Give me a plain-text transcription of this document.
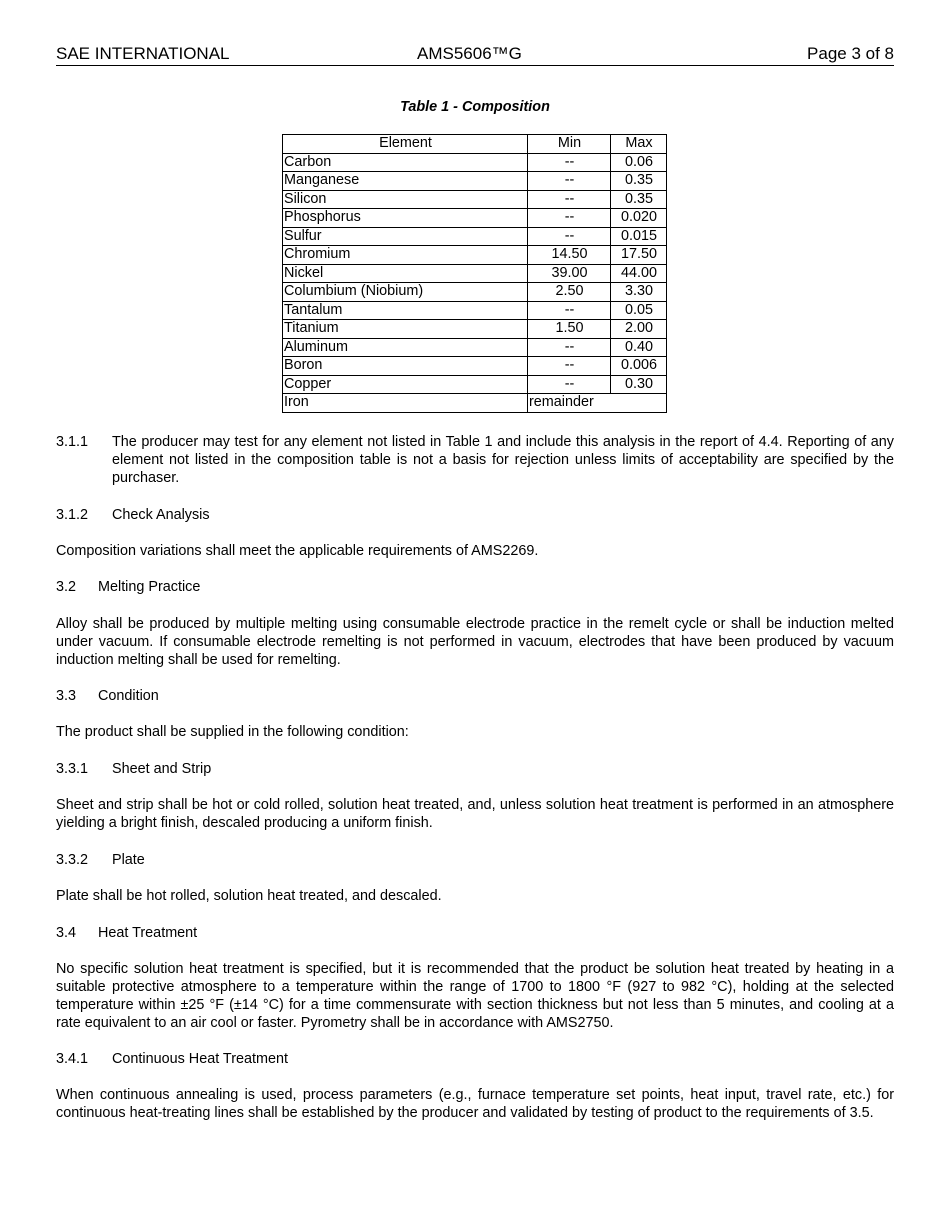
SAE INTERNATIONAL	AMS5606™G	Page 3 of 8
Table 1 - Composition
Element	Min	Max
Carbon	--	0.06
Manganese	--	0.35
Silicon	--	0.35
Phosphorus	--	0.020
Sulfur	--	0.015
Chromium	14.50	17.50
Nickel	39.00	44.00
Columbium (Niobium)	2.50	3.30
Tantalum	--	0.05
Titanium	1.50	2.00
Aluminum	--	0.40
Boron	--	0.006
Copper	--	0.30
Iron	remainder	
3.1.1 The producer may test for any element not listed in Table 1 and include this analysis in the report of 4.4. Reporting of any element not listed in the composition table is not a basis for rejection unless limits of acceptability are specified by the purchaser.
3.1.2 Check Analysis
Composition variations shall meet the applicable requirements of AMS2269.
3.2 Melting Practice
Alloy shall be produced by multiple melting using consumable electrode practice in the remelt cycle or shall be induction melted under vacuum. If consumable electrode remelting is not performed in vacuum, electrodes that have been produced by vacuum induction melting shall be used for remelting.
3.3 Condition
The product shall be supplied in the following condition:
3.3.1 Sheet and Strip
Sheet and strip shall be hot or cold rolled, solution heat treated, and, unless solution heat treatment is performed in an atmosphere yielding a bright finish, descaled producing a uniform finish.
3.3.2 Plate
Plate shall be hot rolled, solution heat treated, and descaled.
3.4 Heat Treatment
No specific solution heat treatment is specified, but it is recommended that the product be solution heat treated by heating in a suitable protective atmosphere to a temperature within the range of 1700 to 1800 °F (927 to 982 °C), holding at the selected temperature within ±25 °F (±14 °C) for a time commensurate with section thickness but not less than 5 minutes, and cooling at a rate equivalent to an air cool or faster. Pyrometry shall be in accordance with AMS2750.
3.4.1 Continuous Heat Treatment
When continuous annealing is used, process parameters (e.g., furnace temperature set points, heat input, travel rate, etc.) for continuous heat-treating lines shall be established by the producer and validated by testing of product to the requirements of 3.5.
